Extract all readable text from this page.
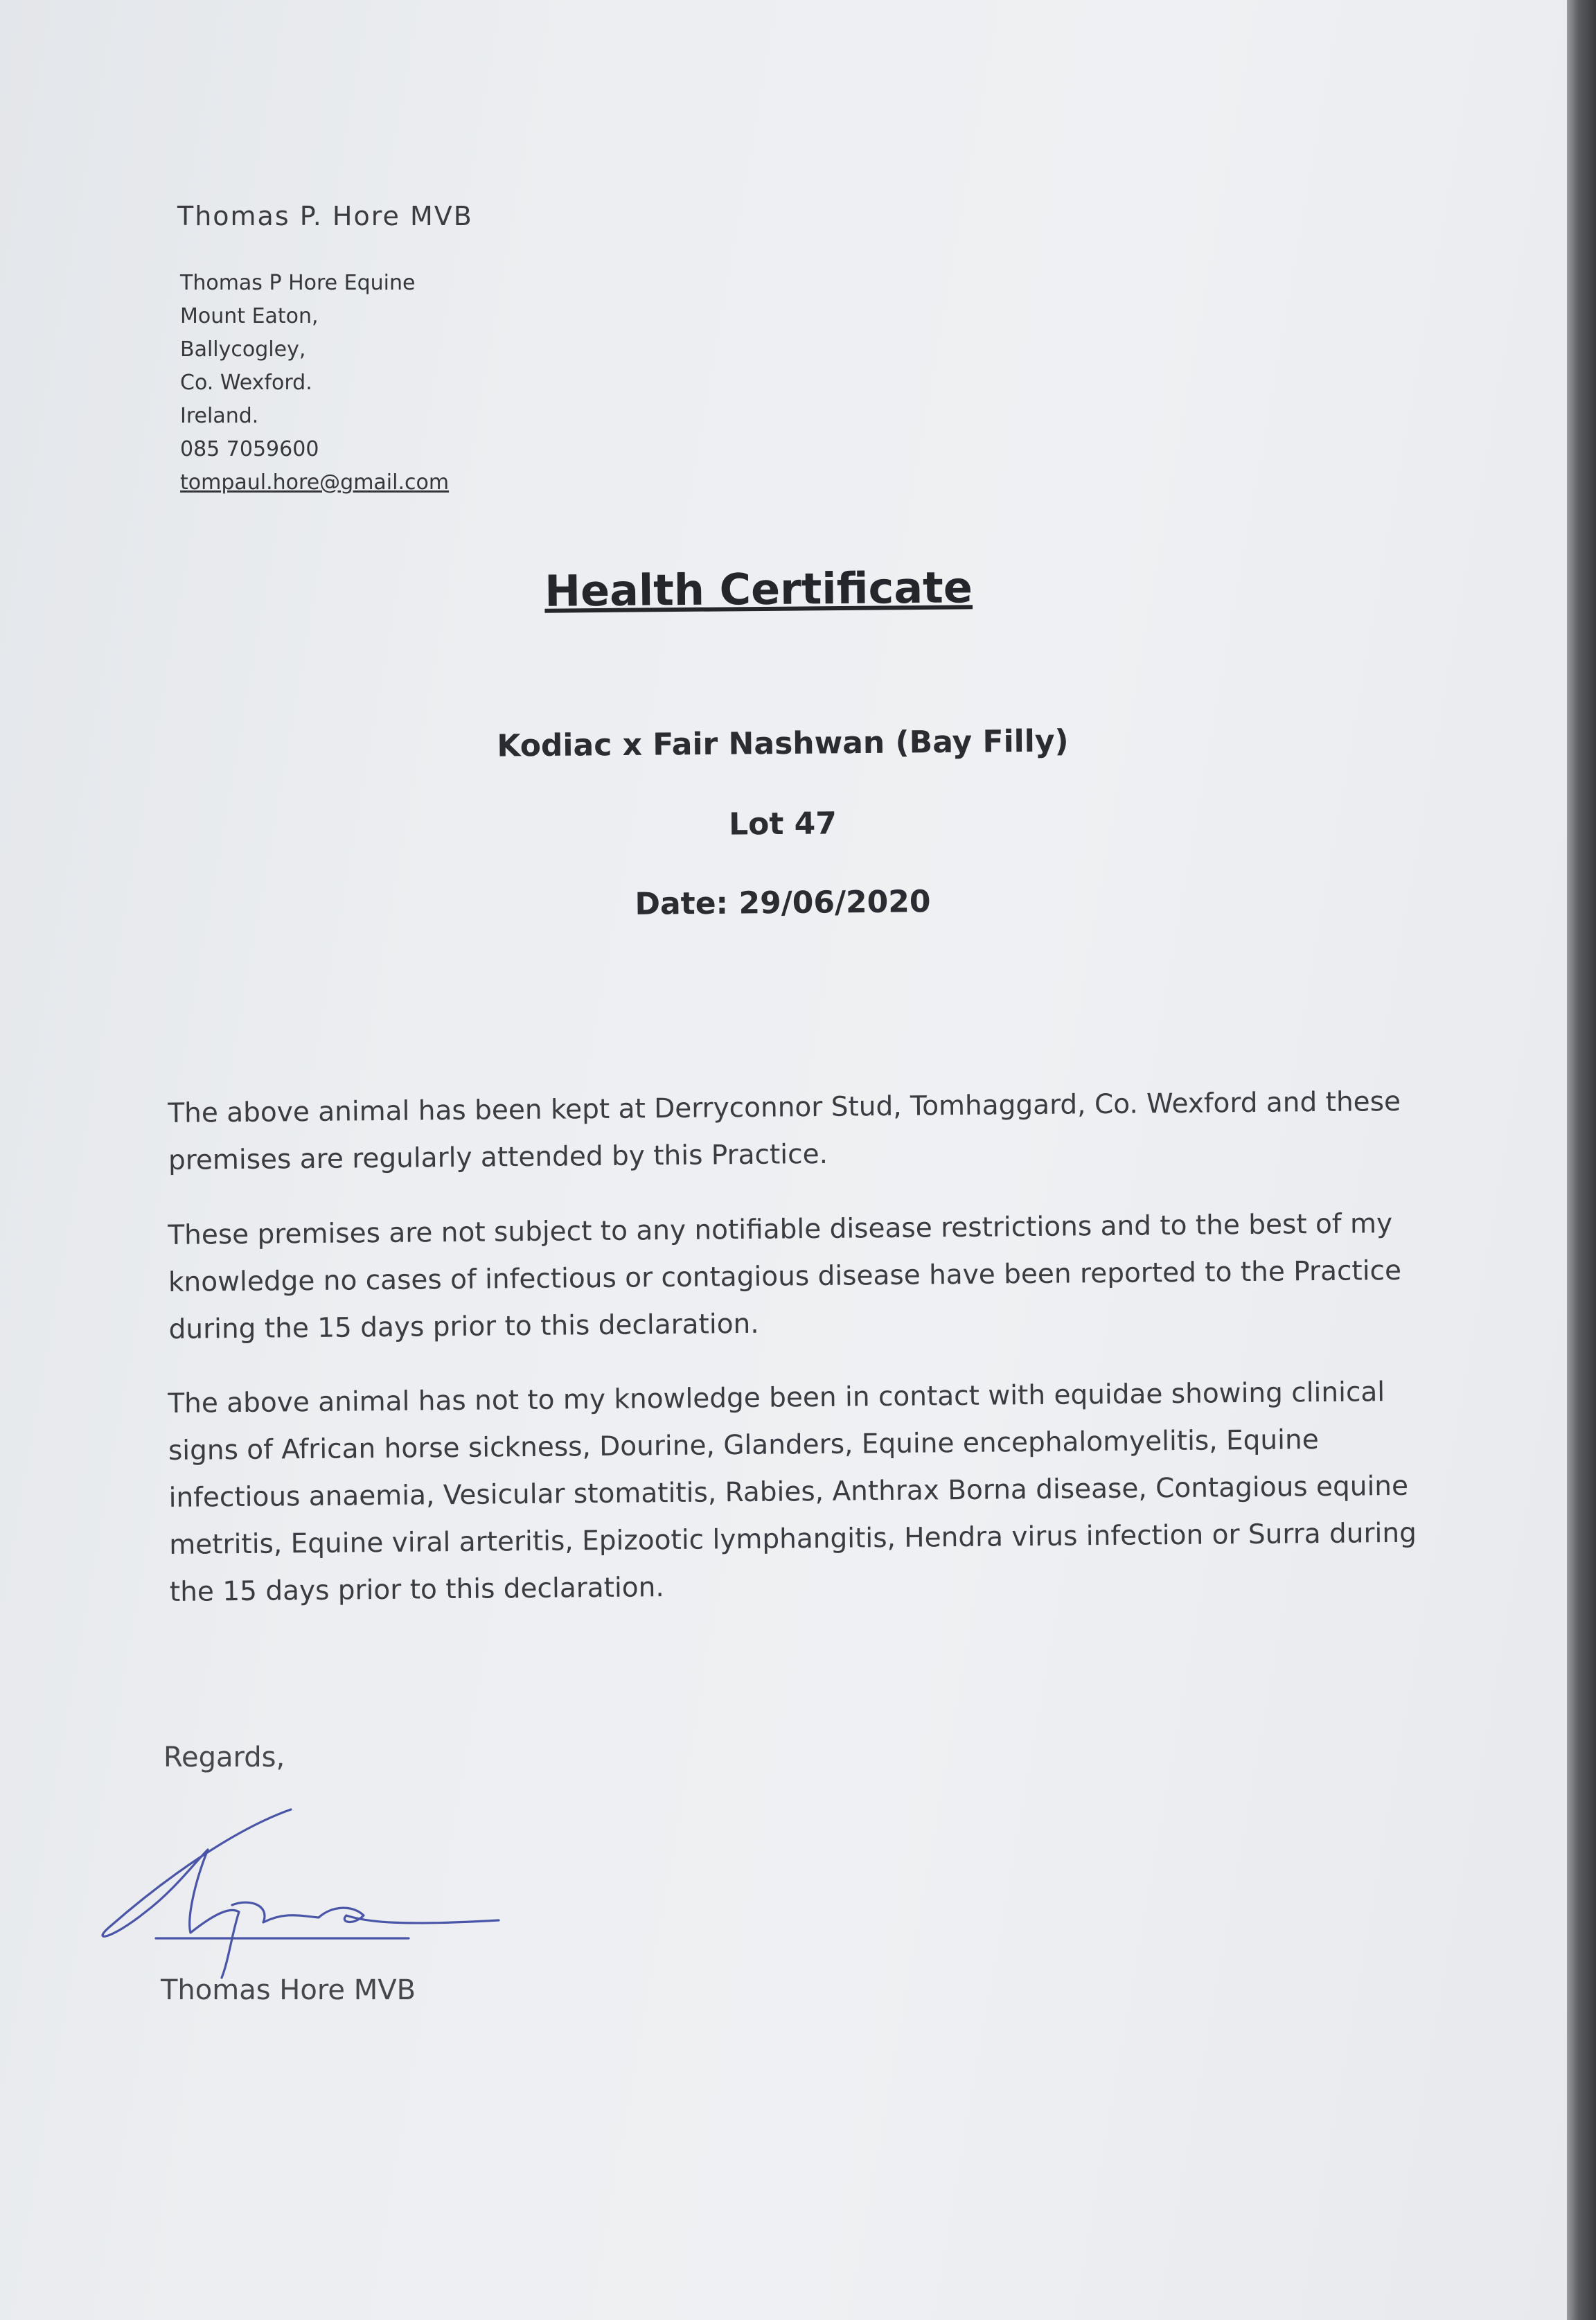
Thomas P. Hore MVB
Thomas P Hore Equine
Mount Eaton,
Ballycogley,
Co. Wexford.
Ireland.
085 7059600
tompaul.hore@gmail.com
Health Certificate
Kodiac x Fair Nashwan (Bay Filly)
Lot 47
Date: 29/06/2020
The above animal has been kept at Derryconnor Stud, Tomhaggard, Co. Wexford and these
premises are regularly attended by this Practice.
These premises are not subject to any notifiable disease restrictions and to the best of my
knowledge no cases of infectious or contagious disease have been reported to the Practice
during the 15 days prior to this declaration.
The above animal has not to my knowledge been in contact with equidae showing clinical
signs of African horse sickness, Dourine, Glanders, Equine encephalomyelitis, Equine
infectious anaemia, Vesicular stomatitis, Rabies, Anthrax Borna disease, Contagious equine
metritis, Equine viral arteritis, Epizootic lymphangitis, Hendra virus infection or Surra during
the 15 days prior to this declaration.
Regards,
Thomas Hore MVB
